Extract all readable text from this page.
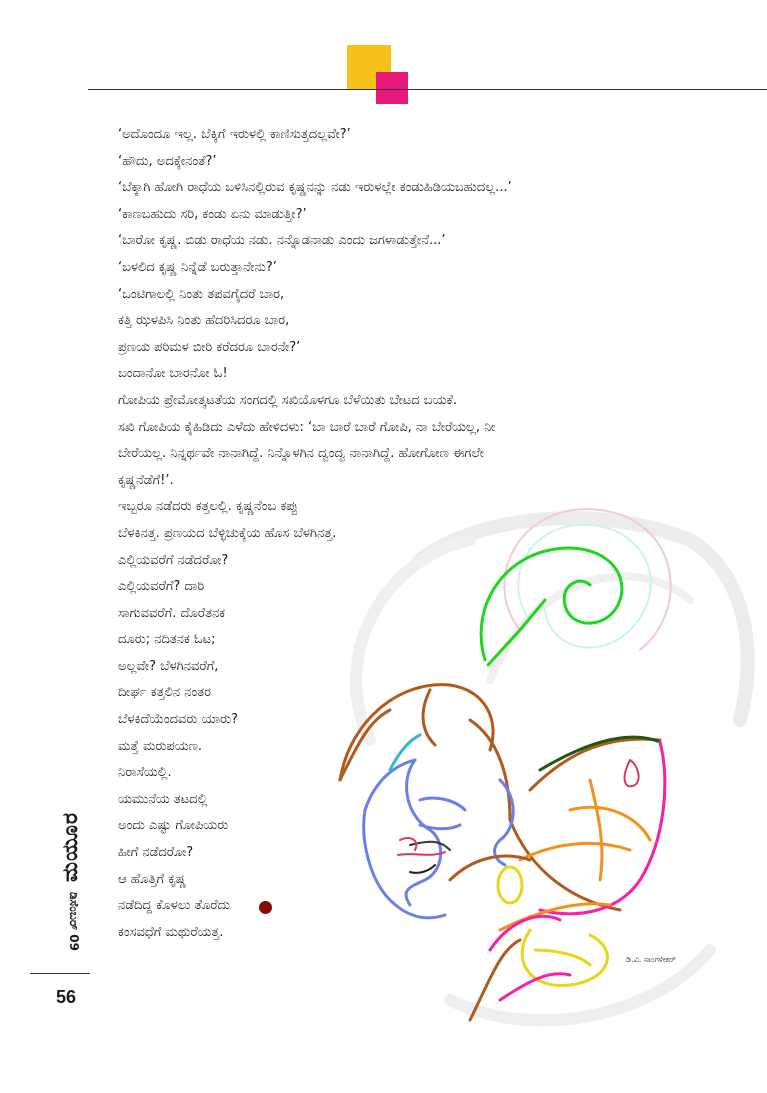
‘ಅದೊಂದೂ ಇಲ್ಲ. ಬೆಕ್ಕಿಗೆ ಇರುಳಲ್ಲಿ ಕಾಣಿಸುತ್ತದಲ್ಲವೇ?’
‘ಹೌದು, ಅದಕ್ಕೇನಂತೆ?’
‘ಬೆಕ್ಕಾಗಿ ಹೋಗಿ ರಾಧೆಯ ಬಳಿಸಿನಲ್ಲಿರುವ ಕೃಷ್ಣನನ್ನು ನಡು ಇರುಳಲ್ಲೇ ಕಂಡುಹಿಡಿಯಬಹುದಲ್ಲ...’
‘ಕಾಣಬಹುದು ಸರಿ, ಕಂಡು ಏನು ಮಾಡುತ್ತೀ?’
‘ಬಾರೋ ಕೃಷ್ಣ. ಬಿಡು ರಾಧೆಯ ನಡು. ನನ್ನೊಡನಾಡು ಎಂದು ಜಗಳಾಡುತ್ತೇನೆ...’
‘ಬಳಲಿದ ಕೃಷ್ಣ ನಿನ್ನೆಡೆ ಬರುತ್ತಾನೇನು?’
‘ಒಂಟಿಗಾಲಲ್ಲಿ ನಿಂತು ತಪವಗೈದರೆ ಬಾರ,
ಕತ್ತಿ ಝಳಪಿಸಿ ನಿಂತು ಹೆದರಿಸಿದರೂ ಬಾರ,
ಪ್ರಣಯ ಪರಿಮಳ ಬೀರಿ ಕರೆದರೂ ಬಾರನೇ?’
ಬಂದಾನೋ ಬಾರನೋ ಓ!
ಗೋಪಿಯ ಪ್ರೇಮೋತ್ಕಟತೆಯ ಸಂಗದಲ್ಲಿ ಸಖಿಯೊಳಗೂ ಬೆಳೆಯಿತು ಬೇಟದ ಬಯಕೆ.
ಸಖಿ ಗೋಪಿಯ ಕೈಹಿಡಿದು ಎಳೆದು ಹೇಳಿದಳು: ‘ಬಾ ಬಾರೆ ಬಾರೆ ಗೋಪಿ, ನಾ ಬೇರೆಯಲ್ಲ, ನೀ
ಬೇರೆಯಲ್ಲ. ನಿನ್ನರ್ಥವೇ ನಾನಾಗಿದ್ದೆ. ನಿನ್ನೊಳಗಿನ ದ್ವಂದ್ವ ನಾನಾಗಿದ್ದೆ. ಹೋಗೋಣ ಈಗಲೇ
ಕೃಷ್ಣನೆಡೆಗೆ!’.
ಇಬ್ಬರೂ ನಡೆದರು ಕತ್ತಲಲ್ಲಿ. ಕೃಷ್ಣನೆಂಬ ಕಪ್ಪು
ಬೆಳಕಿನತ್ತ. ಪ್ರಣಯದ ಬೆಳ್ಳಿಚುಕ್ಕೆಯ ಹೊಸ ಬೆಳಗಿನತ್ತ.
ಎಲ್ಲಿಯವರೆಗೆ ನಡೆದರೋ?
ಎಲ್ಲಿಯವರೆಗೆ? ದಾರಿ
ಸಾಗುವವರೆಗೆ. ದೊರೆತನಕ
ದೂರು; ನದಿತನಕ ಓಟ;
ಅಲ್ಲವೇ? ಬೆಳಗಿನವರೆಗೆ,
ದೀರ್ಘ ಕತ್ತಲಿನ ನಂತರ
ಬೆಳಕಿದೆಯೆಂದವರು ಯಾರು?
ಮತ್ತೆ ಮರುಪಯಣ.
ನಿರಾಸೆಯಲ್ಲಿ.
ಯಮುನೆಯ ತಟದಲ್ಲಿ
ಅಂದು ಎಷ್ಟು ಗೋಪಿಯರು
ಹೀಗೆ ನಡೆದರೋ?
ಆ ಹೊತ್ತಿಗೆ ಕೃಷ್ಣ
ನಡೆದಿದ್ದ ಕೊಳಲು ತೊರೆದು
ಕಂಸವಧೆಗೆ ಮಥುರೆಯತ್ತ.
ಮಯೂರ
ಡಿಸೆಂಬರ್ 09
56
ಡಿ.ವಿ. ಸಾಂಗಳೀಕರ್
